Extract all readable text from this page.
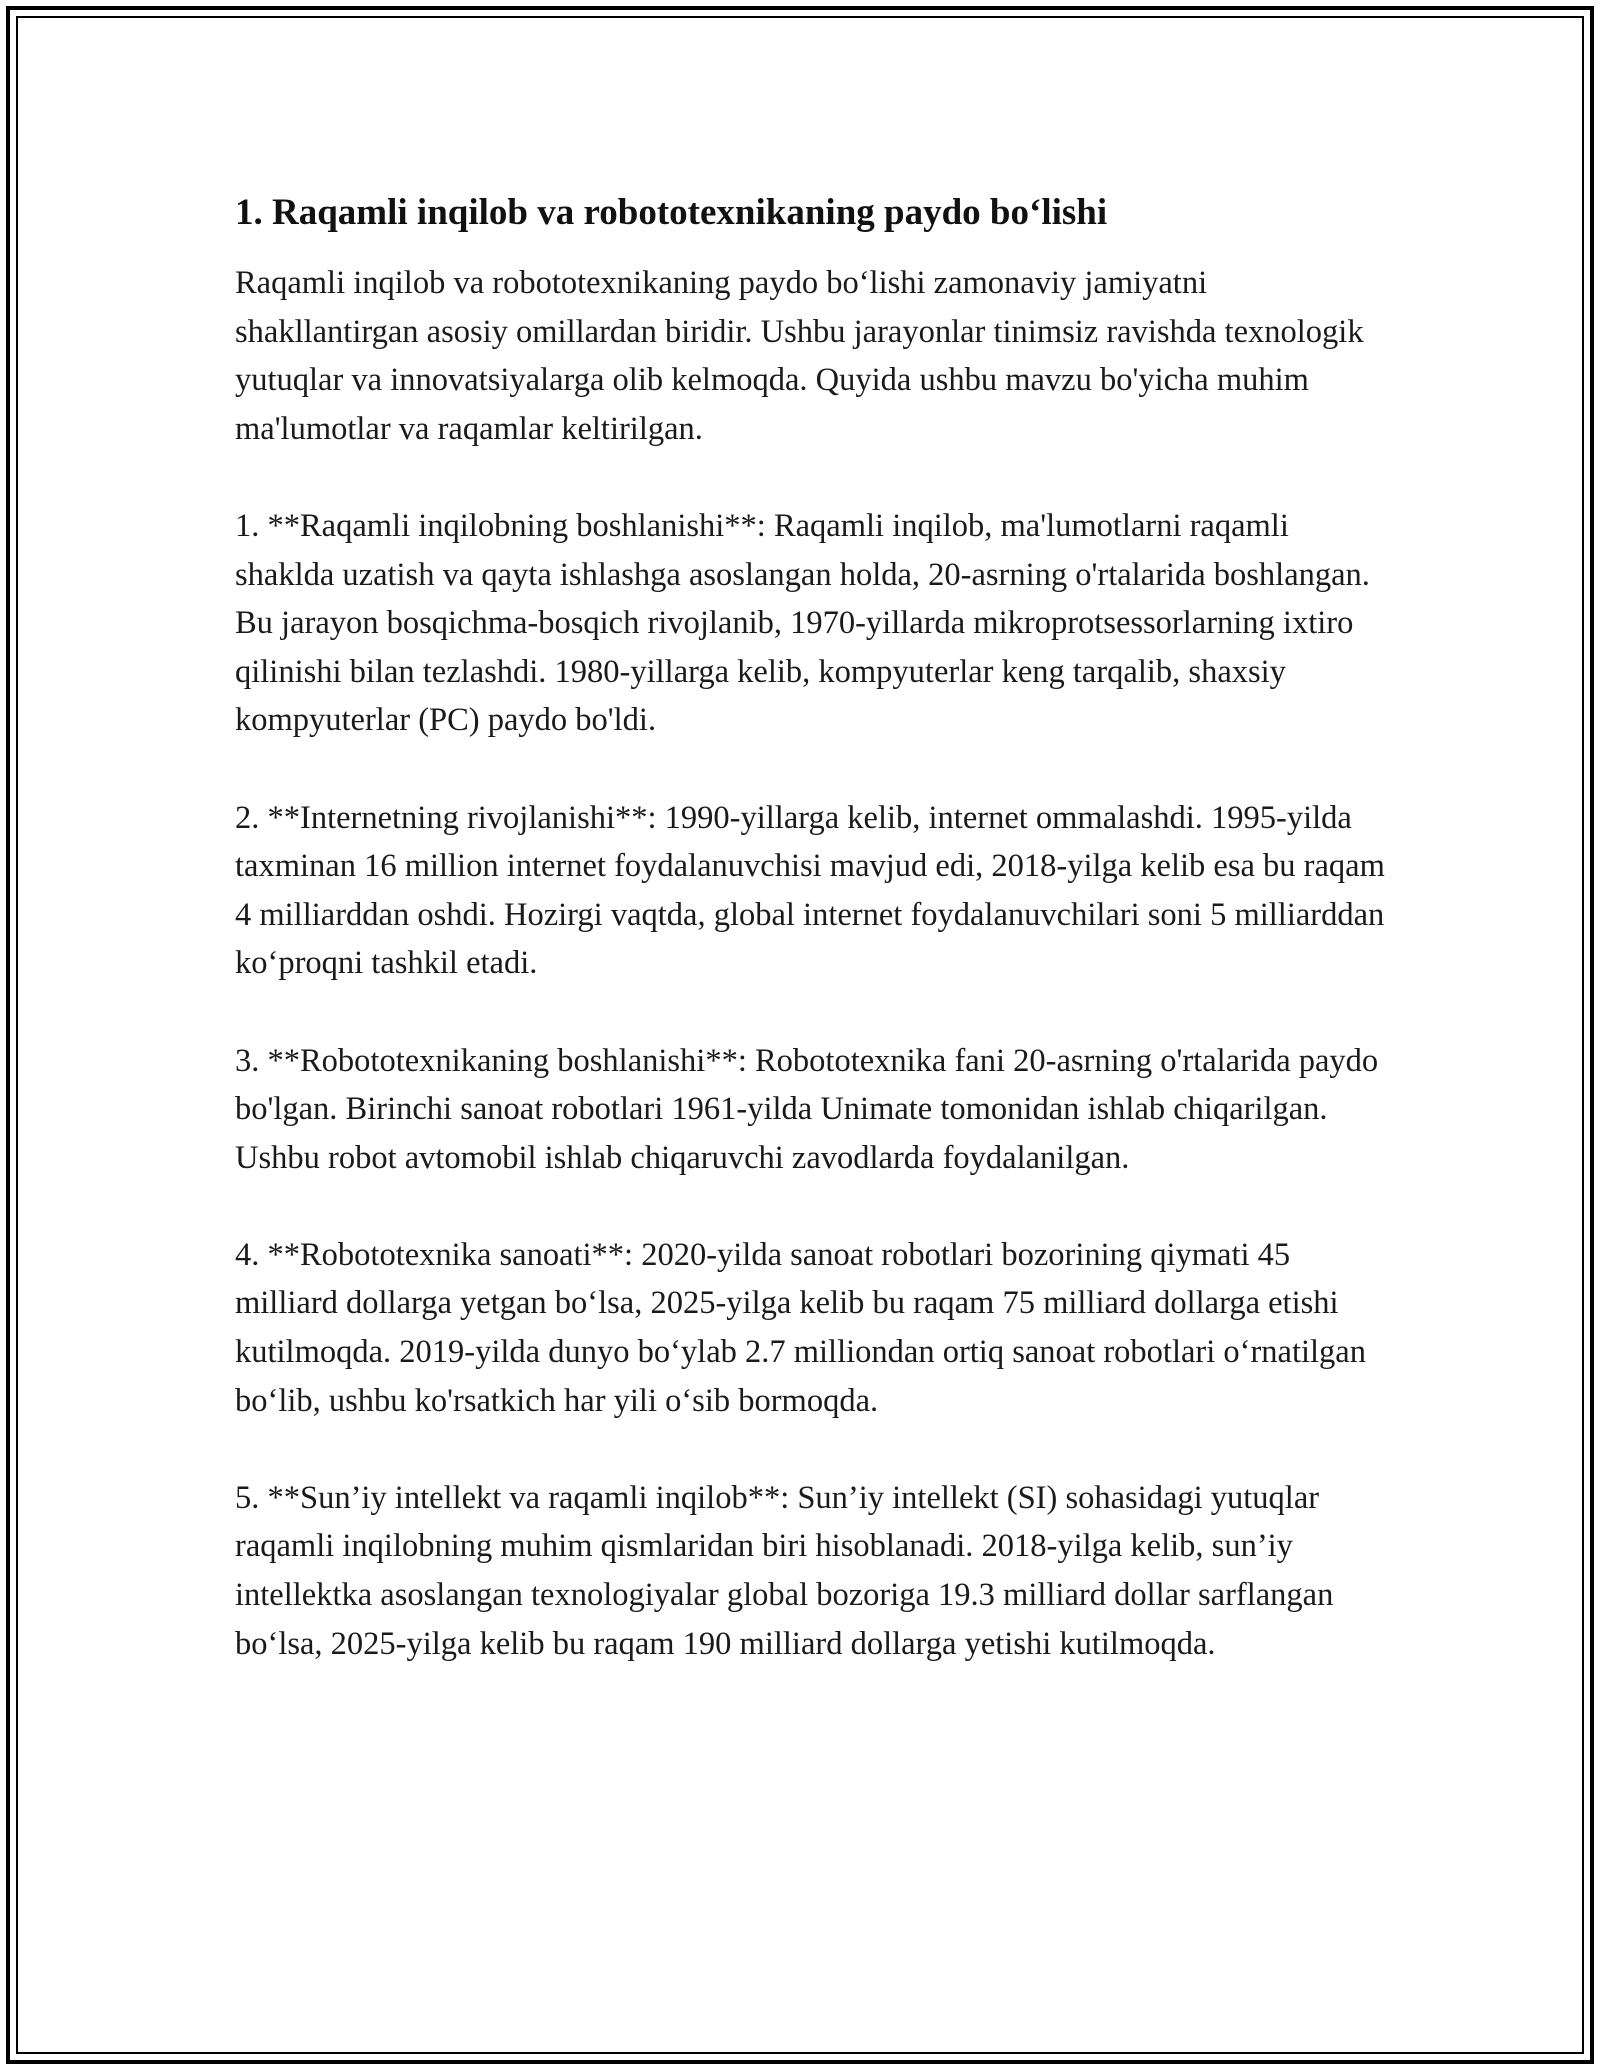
1. Raqamli inqilob va robototexnikaning paydo bo‘lishi

Raqamli inqilob va robototexnikaning paydo bo‘lishi zamonaviy jamiyatni shakllantirgan asosiy omillardan biridir. Ushbu jarayonlar tinimsiz ravishda texnologik yutuqlar va innovatsiyalarga olib kelmoqda. Quyida ushbu mavzu bo'yicha muhim ma'lumotlar va raqamlar keltirilgan.

1. **Raqamli inqilobning boshlanishi**: Raqamli inqilob, ma'lumotlarni raqamli shaklda uzatish va qayta ishlashga asoslangan holda, 20-asrning o'rtalarida boshlangan. Bu jarayon bosqichma-bosqich rivojlanib, 1970-yillarda mikroprotsessorlarning ixtiro qilinishi bilan tezlashdi. 1980-yillarga kelib, kompyuterlar keng tarqalib, shaxsiy kompyuterlar (PC) paydo bo'ldi.

2. **Internetning rivojlanishi**: 1990-yillarga kelib, internet ommalashdi. 1995-yilda taxminan 16 million internet foydalanuvchisi mavjud edi, 2018-yilga kelib esa bu raqam 4 milliarddan oshdi. Hozirgi vaqtda, global internet foydalanuvchilari soni 5 milliarddan ko‘proqni tashkil etadi.

3. **Robototexnikaning boshlanishi**: Robototexnika fani 20-asrning o'rtalarida paydo bo'lgan. Birinchi sanoat robotlari 1961-yilda Unimate tomonidan ishlab chiqarilgan. Ushbu robot avtomobil ishlab chiqaruvchi zavodlarda foydalanilgan.

4. **Robototexnika sanoati**: 2020-yilda sanoat robotlari bozorining qiymati 45 milliard dollarga yetgan bo‘lsa, 2025-yilga kelib bu raqam 75 milliard dollarga etishi kutilmoqda. 2019-yilda dunyo bo‘ylab 2.7 milliondan ortiq sanoat robotlari o‘rnatilgan bo‘lib, ushbu ko'rsatkich har yili o‘sib bormoqda.

5. **Sun’iy intellekt va raqamli inqilob**: Sun’iy intellekt (SI) sohasidagi yutuqlar raqamli inqilobning muhim qismlaridan biri hisoblanadi. 2018-yilga kelib, sun’iy intellektka asoslangan texnologiyalar global bozoriga 19.3 milliard dollar sarflangan bo‘lsa, 2025-yilga kelib bu raqam 190 milliard dollarga yetishi kutilmoqda.
